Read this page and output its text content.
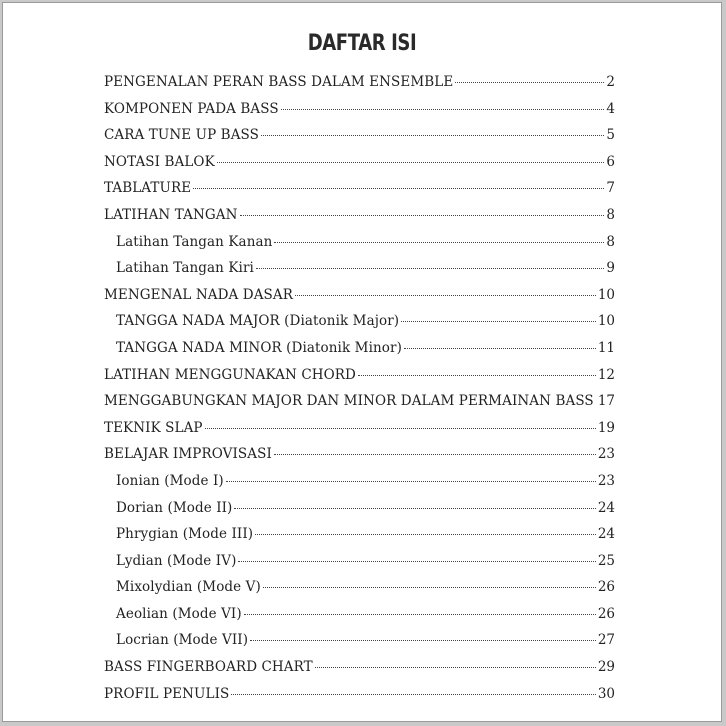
DAFTAR ISI
PENGENALAN PERAN BASS DALAM ENSEMBLE	2
KOMPONEN PADA BASS	4
CARA TUNE UP BASS	5
NOTASI BALOK	6
TABLATURE	7
LATIHAN TANGAN	8
Latihan Tangan Kanan	8
Latihan Tangan Kiri	9
MENGENAL NADA DASAR	10
TANGGA NADA MAJOR (Diatonik Major)	10
TANGGA NADA MINOR (Diatonik Minor)	11
LATIHAN MENGGUNAKAN CHORD	12
MENGGABUNGKAN MAJOR DAN MINOR DALAM PERMAINAN BASS 17
TEKNIK SLAP	19
BELAJAR IMPROVISASI	23
Ionian (Mode I)	23
Dorian (Mode II)	24
Phrygian (Mode III)	24
Lydian (Mode IV)	25
Mixolydian (Mode V)	26
Aeolian (Mode VI)	26
Locrian (Mode VII)	27
BASS FINGERBOARD CHART	29
PROFIL PENULIS	30
